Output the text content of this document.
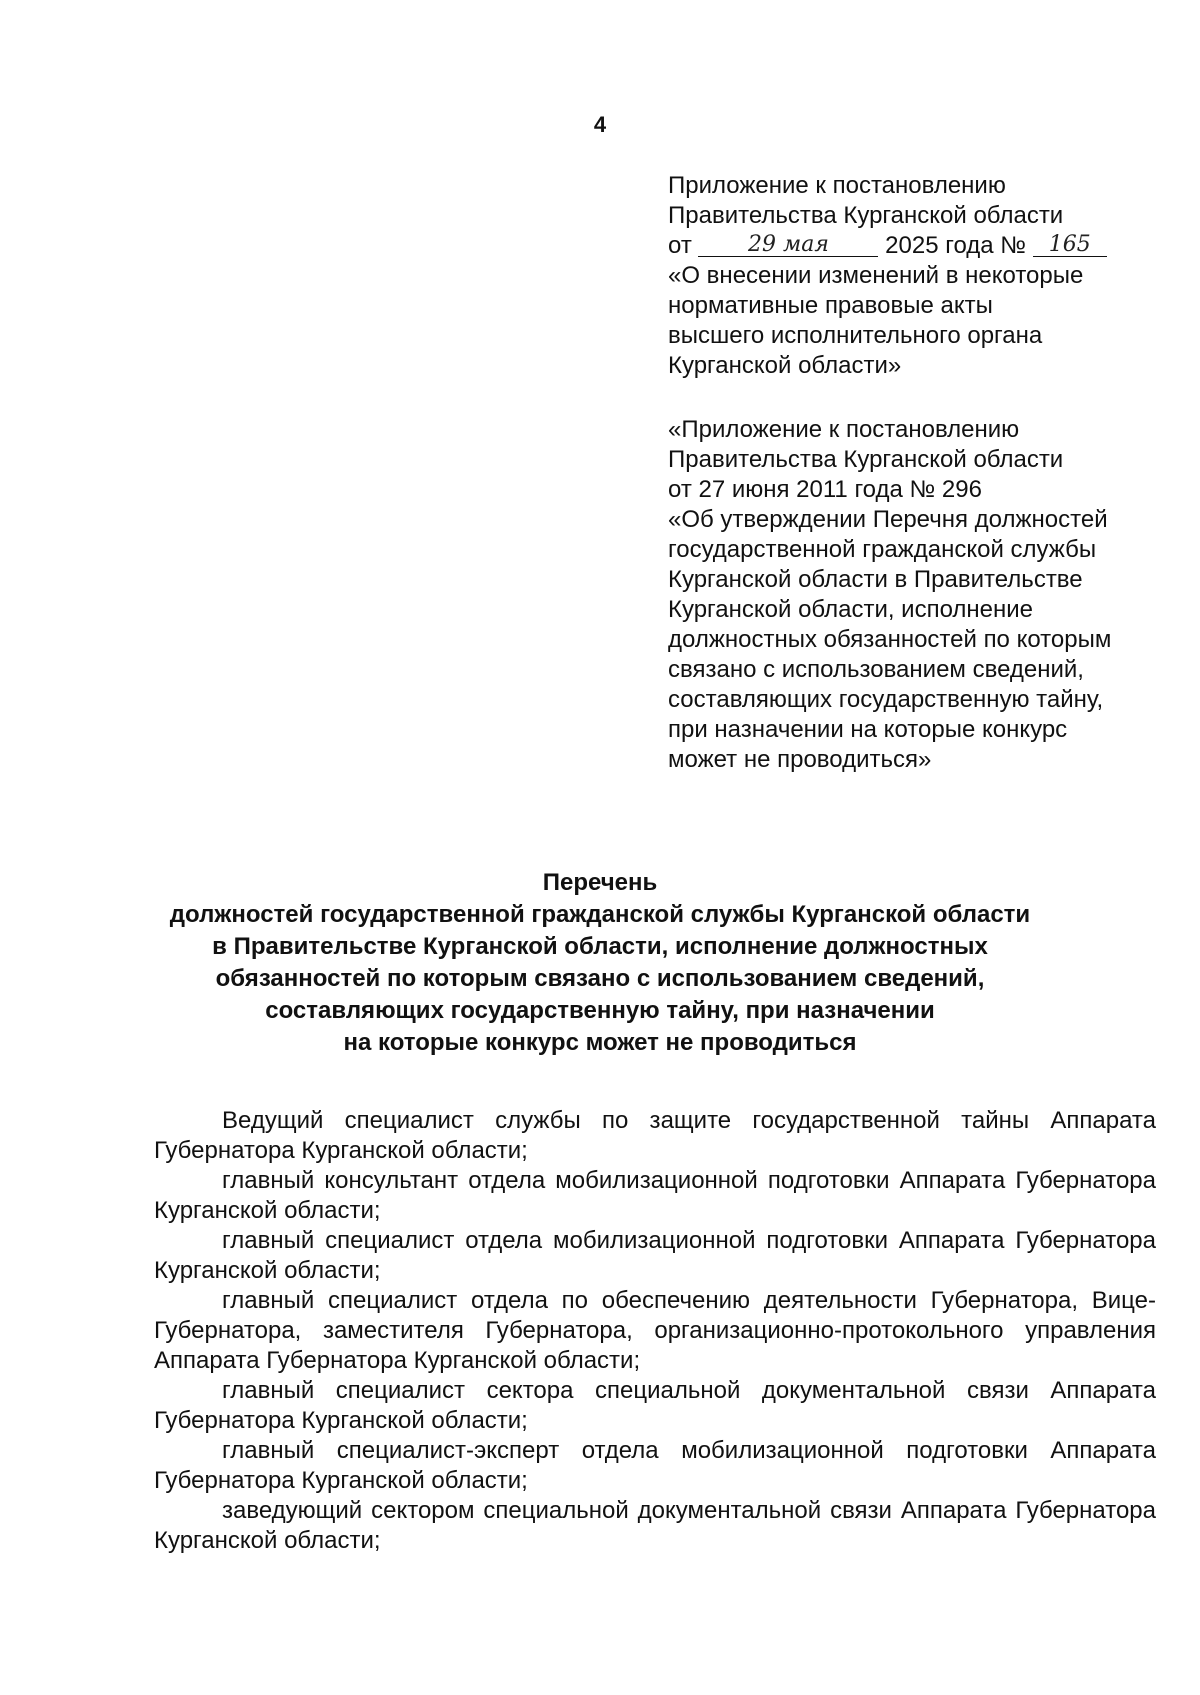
4
Приложение к постановлению
Правительства Курганской области
от	29 мая 2025 года № 165
«О внесении изменений в некоторые
нормативные правовые акты
высшего исполнительного органа
Курганской области»
«Приложение к постановлению
Правительства Курганской области
от 27 июня 2011 года № 296
«Об утверждении Перечня должностей
государственной гражданской службы
Курганской области в Правительстве
Курганской области, исполнение
должностных обязанностей по которым
связано с использованием сведений,
составляющих государственную тайну,
при назначении на которые конкурс
может не проводиться»
Перечень
должностей государственной гражданской службы Курганской области
в Правительстве Курганской области, исполнение должностных
обязанностей по которым связано с использованием сведений,
составляющих государственную тайну, при назначении
на которые конкурс может не проводиться
Ведущий специалист службы по защите государственной тайны Аппарата Губернатора Курганской области;
главный консультант отдела мобилизационной подготовки Аппарата Губернатора Курганской области;
главный специалист отдела мобилизационной подготовки Аппарата Губернатора Курганской области;
главный специалист отдела по обеспечению деятельности Губернатора, Вице-Губернатора, заместителя Губернатора, организационно-протокольного управления Аппарата Губернатора Курганской области;
главный специалист сектора специальной документальной связи Аппарата Губернатора Курганской области;
главный специалист-эксперт отдела мобилизационной подготовки Аппарата Губернатора Курганской области;
заведующий сектором специальной документальной связи Аппарата Губернатора Курганской области;
